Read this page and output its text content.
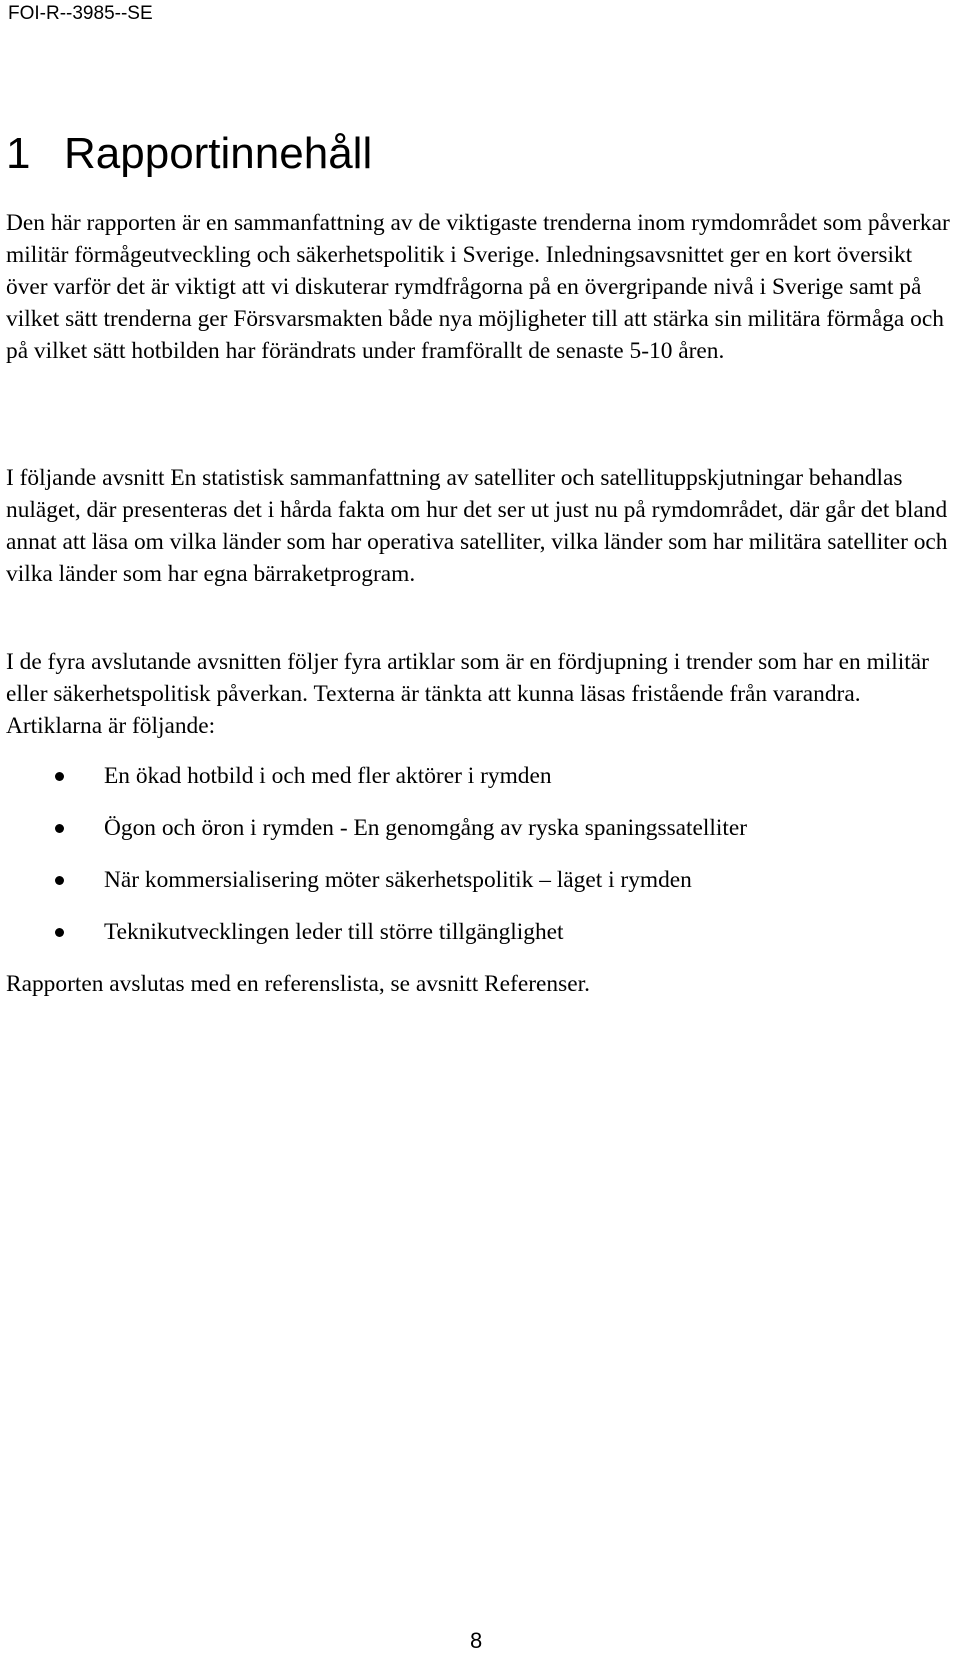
FOI-R--3985--SE
1 Rapportinnehåll

Den här rapporten är en sammanfattning av de viktigaste trenderna inom rymdområdet som påverkar militär förmågeutveckling och säkerhetspolitik i Sverige. Inledningsavsnittet ger en kort översikt över varför det är viktigt att vi diskuterar rymdfrågorna på en övergripande nivå i Sverige samt på vilket sätt trenderna ger Försvarsmakten både nya möjligheter till att stärka sin militära förmåga och på vilket sätt hotbilden har förändrats under framförallt de senaste 5-10 åren.

I följande avsnitt En statistisk sammanfattning av satelliter och satellituppskjutningar behandlas nuläget, där presenteras det i hårda fakta om hur det ser ut just nu på rymdområdet, där går det bland annat att läsa om vilka länder som har operativa satelliter, vilka länder som har militära satelliter och vilka länder som har egna bärraketprogram.

I de fyra avslutande avsnitten följer fyra artiklar som är en fördjupning i trender som har en militär eller säkerhetspolitisk påverkan. Texterna är tänkta att kunna läsas fristående från varandra. Artiklarna är följande:

En ökad hotbild i och med fler aktörer i rymden
Ögon och öron i rymden - En genomgång av ryska spaningssatelliter
När kommersialisering möter säkerhetspolitik – läget i rymden
Teknikutvecklingen leder till större tillgänglighet

Rapporten avslutas med en referenslista, se avsnitt Referenser.

8
